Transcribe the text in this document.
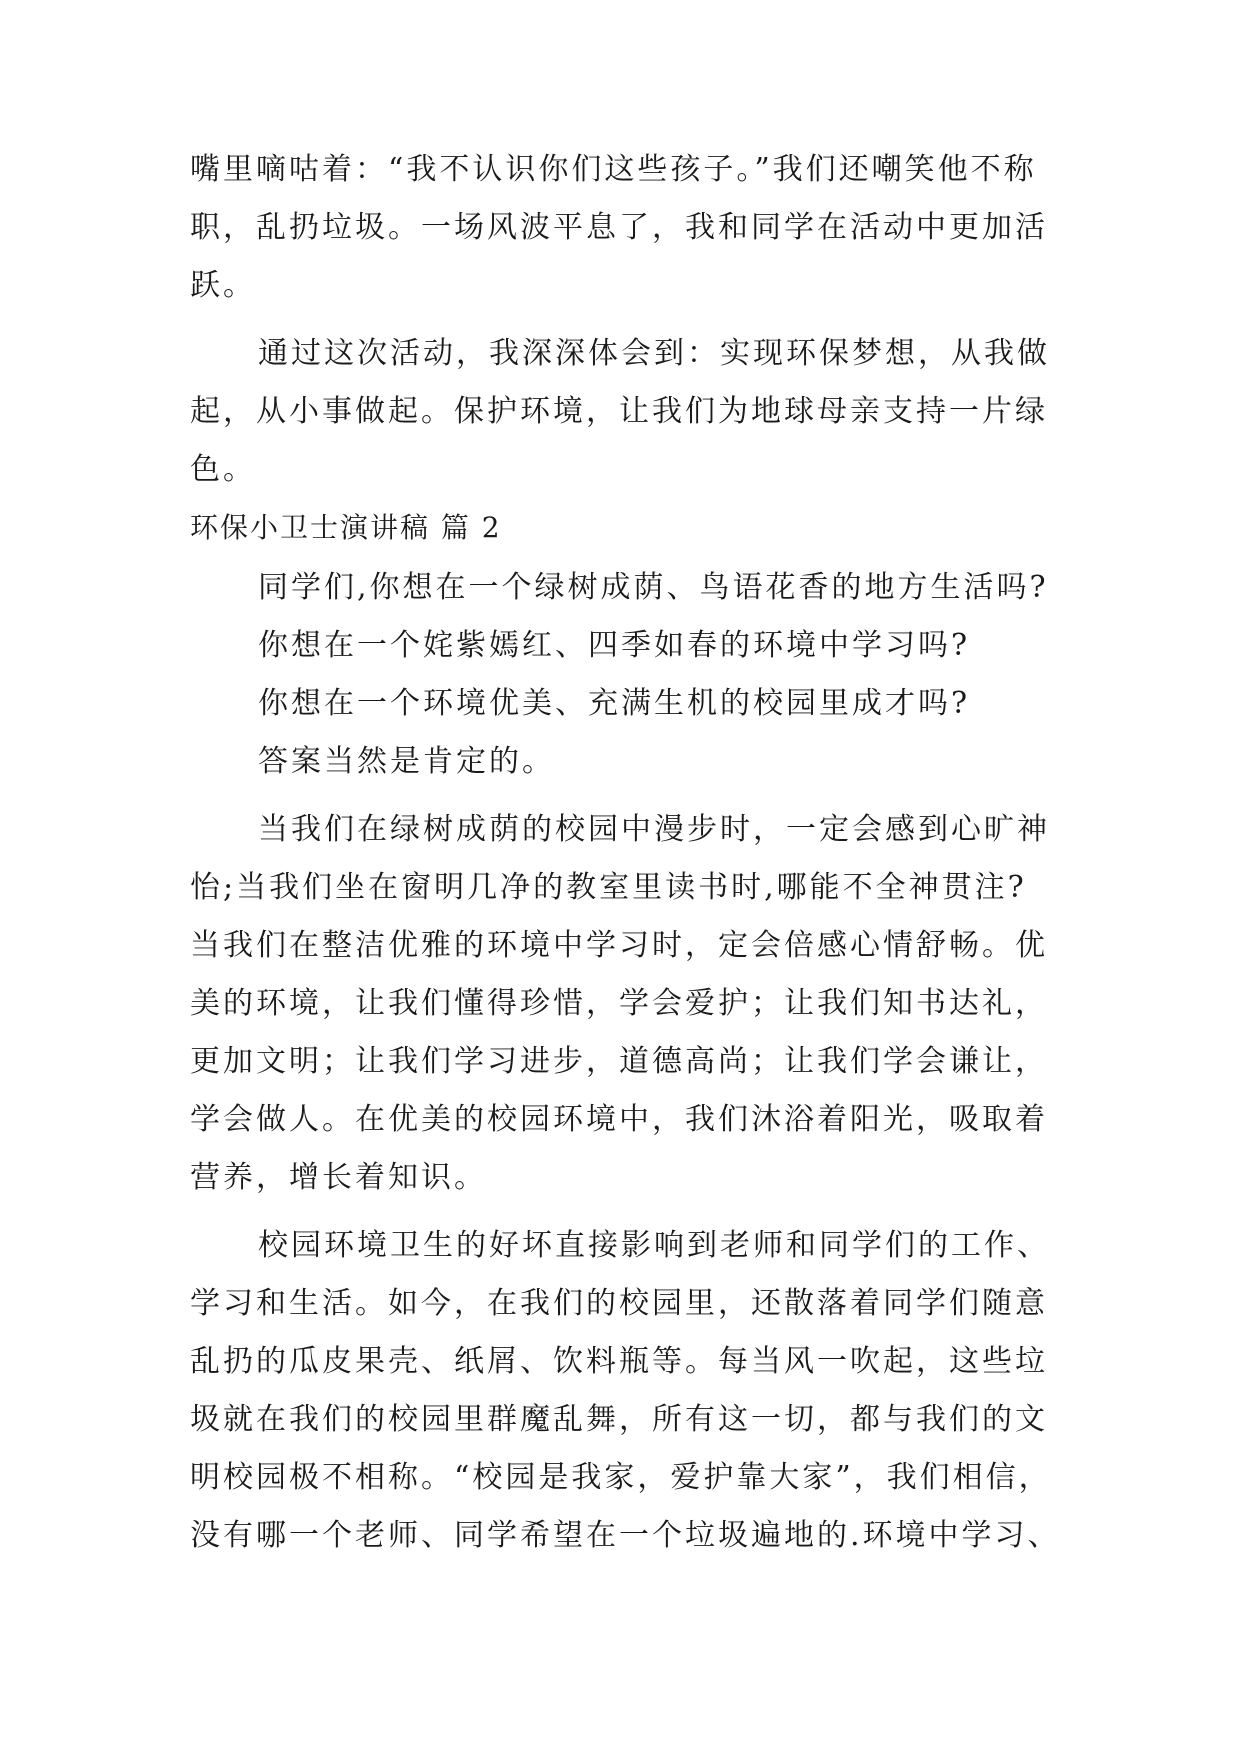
嘴里嘀咕着：“我不认识你们这些孩子。”我们还嘲笑他不称
职，乱扔垃圾。一场风波平息了，我和同学在活动中更加活
跃。
通过这次活动，我深深体会到：实现环保梦想，从我做
起，从小事做起。保护环境，让我们为地球母亲支持一片绿
色。
环保小卫士演讲稿 篇 2
同学们,你想在一个绿树成荫、鸟语花香的地方生活吗?
你想在一个姹紫嫣红、四季如春的环境中学习吗?
你想在一个环境优美、充满生机的校园里成才吗?
答案当然是肯定的。
当我们在绿树成荫的校园中漫步时，一定会感到心旷神
怡;当我们坐在窗明几净的教室里读书时,哪能不全神贯注?
当我们在整洁优雅的环境中学习时，定会倍感心情舒畅。优
美的环境，让我们懂得珍惜，学会爱护；让我们知书达礼，
更加文明；让我们学习进步，道德高尚；让我们学会谦让，
学会做人。在优美的校园环境中，我们沐浴着阳光，吸取着
营养，增长着知识。
校园环境卫生的好坏直接影响到老师和同学们的工作、
学习和生活。如今，在我们的校园里，还散落着同学们随意
乱扔的瓜皮果壳、纸屑、饮料瓶等。每当风一吹起，这些垃
圾就在我们的校园里群魔乱舞，所有这一切，都与我们的文
明校园极不相称。“校园是我家，爱护靠大家”，我们相信，
没有哪一个老师、同学希望在一个垃圾遍地的.环境中学习、
